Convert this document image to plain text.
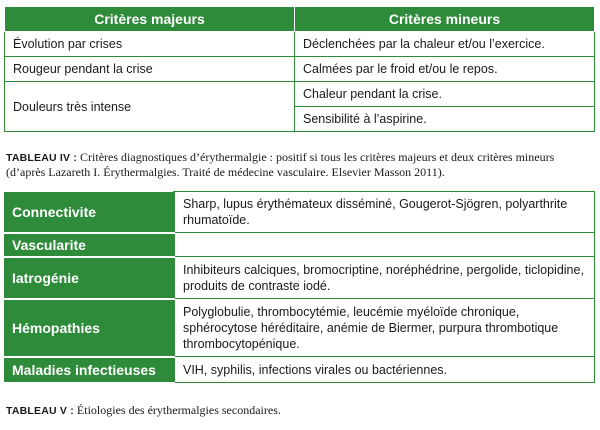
Critères majeurs	Critères mineurs
Évolution par crises	Déclenchées par la chaleur et/ou l’exercice.
Rougeur pendant la crise	Calmées par le froid et/ou le repos.
Douleurs très intense	Chaleur pendant la crise.
	Sensibilité à l’aspirine.
TABLEAU IV : Critères diagnostiques d’érythermalgie : positif si tous les critères majeurs et deux critères mineurs (d’après Lazareth I. Érythermalgies. Traité de médecine vasculaire. Elsevier Masson 2011).
Connectivite	Sharp, lupus érythémateux disséminé, Gougerot-Sjögren, polyarthrite rhumatoïde.
Vascularite	
Iatrogénie	Inhibiteurs calciques, bromocriptine, noréphédrine, pergolide, ticlopidine, produits de contraste iodé.
Hémopathies	Polyglobulie, thrombocytémie, leucémie myéloïde chronique, sphérocytose héréditaire, anémie de Biermer, purpura thrombotique thrombocytopénique.
Maladies infectieuses	VIH, syphilis, infections virales ou bactériennes.
TABLEAU V : Étiologies des érythermalgies secondaires.
